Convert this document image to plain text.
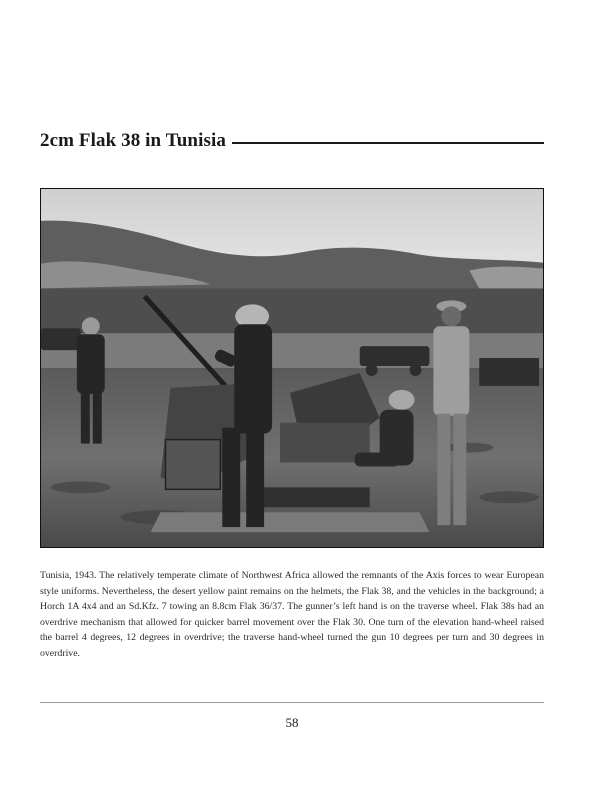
2cm Flak 38 in Tunisia

Tunisia, 1943. The relatively temperate climate of Northwest Africa allowed the remnants of the Axis forces to wear European style uniforms. Nevertheless, the desert yellow paint remains on the helmets, the Flak 38, and the vehicles in the background; a Horch 1A 4x4 and an Sd.Kfz. 7 towing an 8.8cm Flak 36/37. The gunner’s left hand is on the traverse wheel. Flak 38s had an overdrive mechanism that allowed for quicker barrel movement over the Flak 30. One turn of the elevation hand-wheel raised the barrel 4 degrees, 12 degrees in overdrive; the traverse hand-wheel turned the gun 10 degrees per turn and 30 degrees in overdrive.

58
